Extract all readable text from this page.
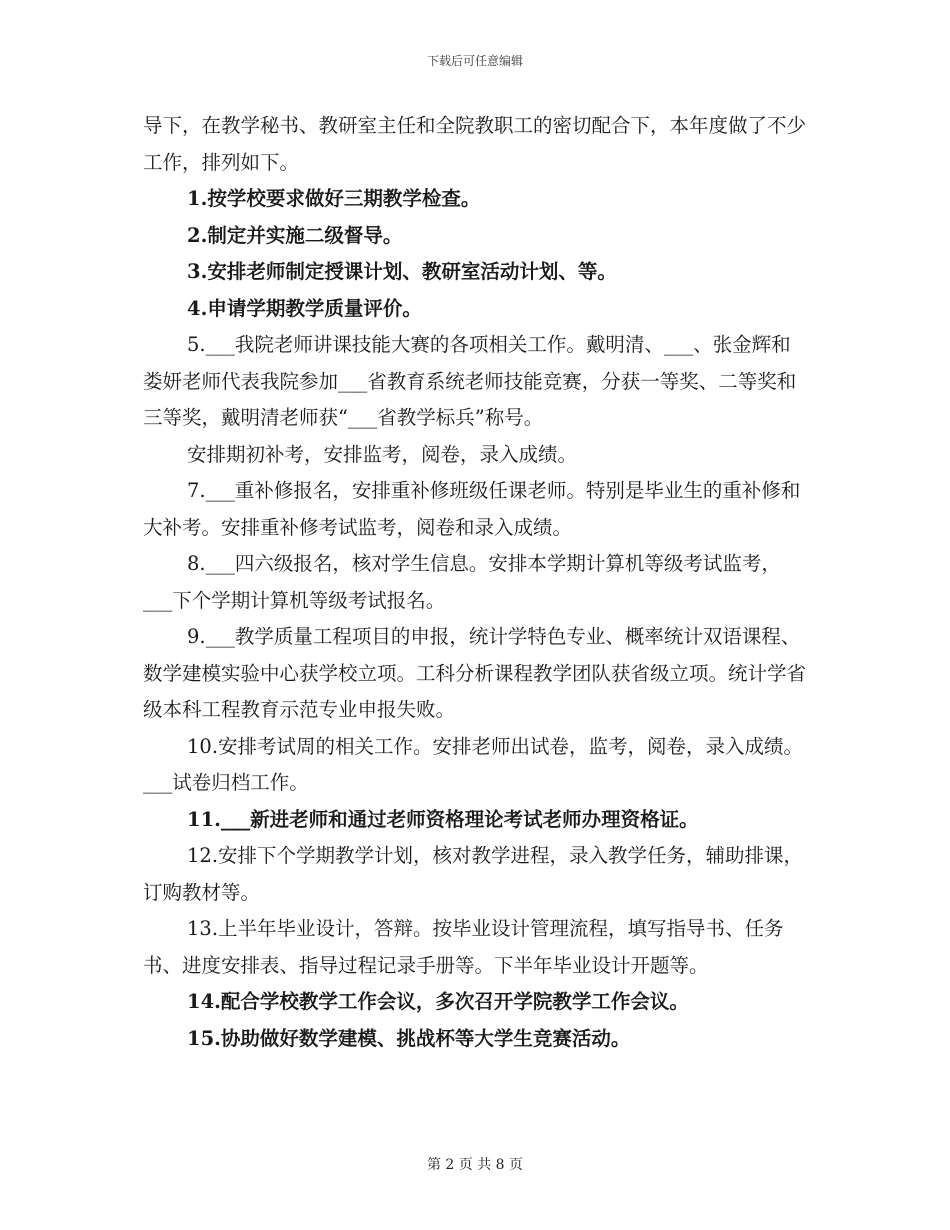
下载后可任意编辑

导下，在教学秘书、教研室主任和全院教职工的密切配合下，本年度做了不少工作，排列如下。

1.按学校要求做好三期教学检查。

2.制定并实施二级督导。

3.安排老师制定授课计划、教研室活动计划、等。

4.申请学期教学质量评价。

5.___我院老师讲课技能大赛的各项相关工作。戴明清、___、张金辉和娄妍老师代表我院参加___省教育系统老师技能竞赛，分获一等奖、二等奖和三等奖，戴明清老师获“___省教学标兵”称号。

安排期初补考，安排监考，阅卷，录入成绩。

7.___重补修报名，安排重补修班级任课老师。特别是毕业生的重补修和大补考。安排重补修考试监考，阅卷和录入成绩。

8.___四六级报名，核对学生信息。安排本学期计算机等级考试监考，___下个学期计算机等级考试报名。

9.___教学质量工程项目的申报，统计学特色专业、概率统计双语课程、数学建模实验中心获学校立项。工科分析课程教学团队获省级立项。统计学省级本科工程教育示范专业申报失败。

10.安排考试周的相关工作。安排老师出试卷，监考，阅卷，录入成绩。___试卷归档工作。

11.___新进老师和通过老师资格理论考试老师办理资格证。

12.安排下个学期教学计划，核对教学进程，录入教学任务，辅助排课，订购教材等。

13.上半年毕业设计，答辩。按毕业设计管理流程，填写指导书、任务书、进度安排表、指导过程记录手册等。下半年毕业设计开题等。

14.配合学校教学工作会议，多次召开学院教学工作会议。

15.协助做好数学建模、挑战杯等大学生竞赛活动。

第 2 页 共 8 页
